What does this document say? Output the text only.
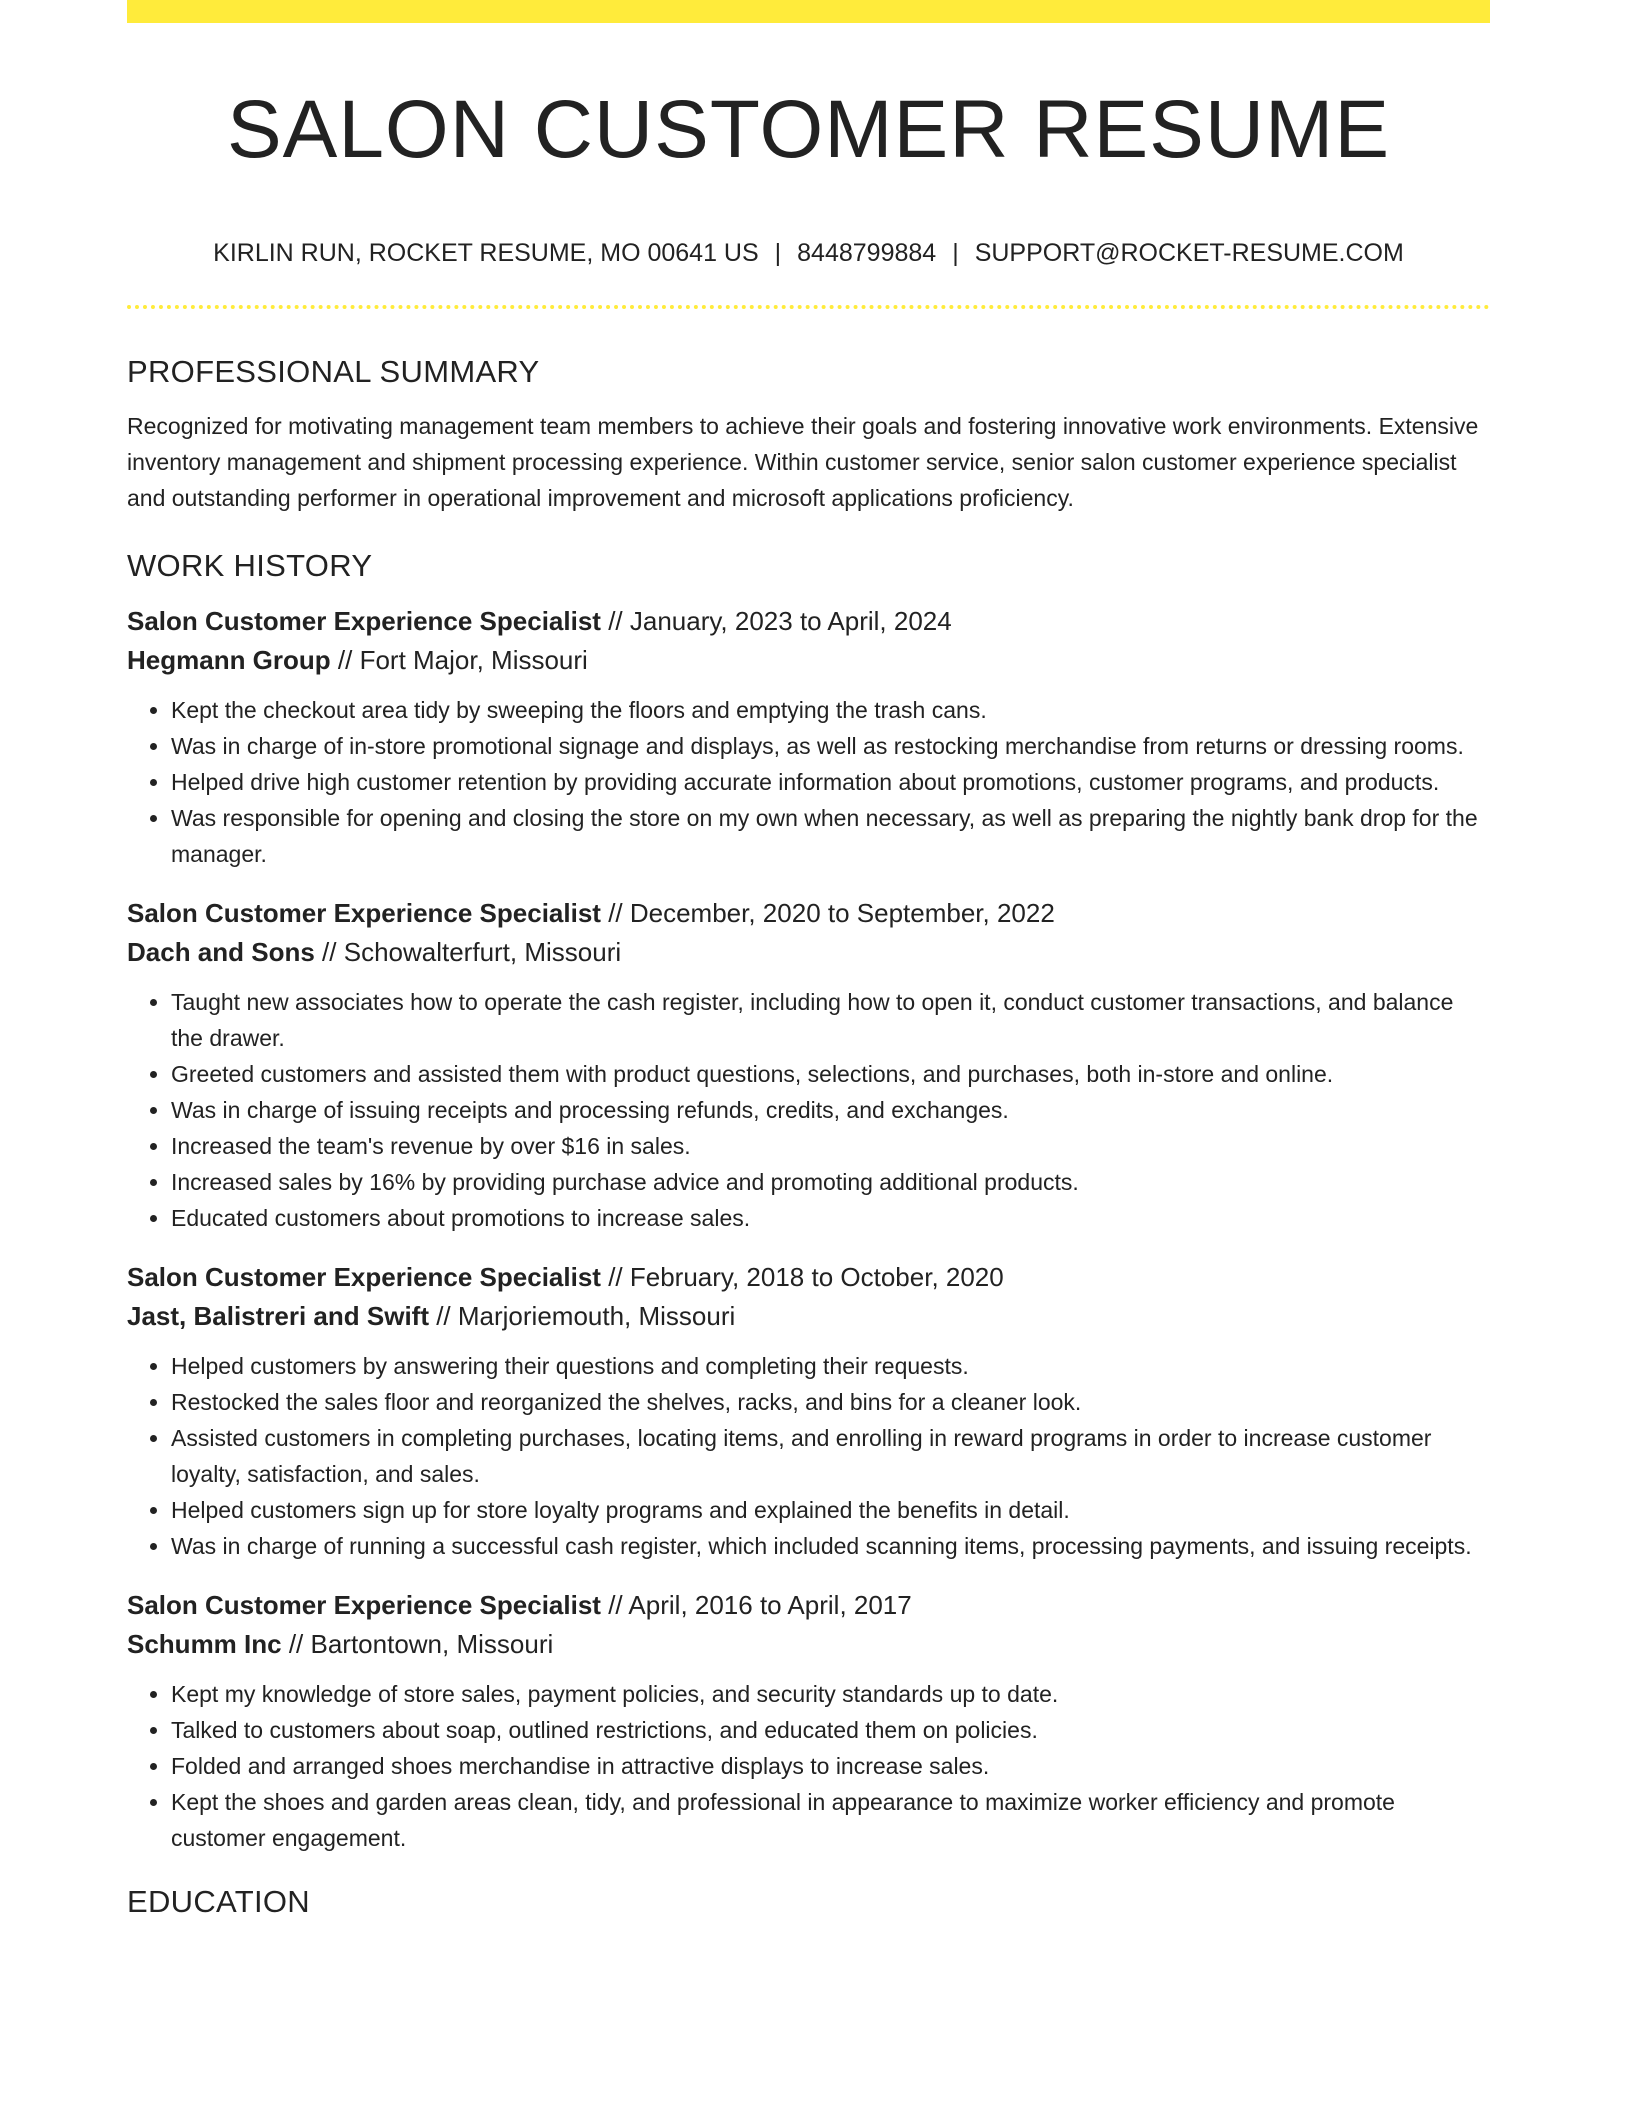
SALON CUSTOMER RESUME
KIRLIN RUN, ROCKET RESUME, MO 00641 US | 8448799884 | SUPPORT@ROCKET-RESUME.COM
PROFESSIONAL SUMMARY
Recognized for motivating management team members to achieve their goals and fostering innovative work environments. Extensive inventory management and shipment processing experience. Within customer service, senior salon customer experience specialist and outstanding performer in operational improvement and microsoft applications proficiency.
WORK HISTORY
Salon Customer Experience Specialist // January, 2023 to April, 2024
Hegmann Group // Fort Major, Missouri
• Kept the checkout area tidy by sweeping the floors and emptying the trash cans.
• Was in charge of in-store promotional signage and displays, as well as restocking merchandise from returns or dressing rooms.
• Helped drive high customer retention by providing accurate information about promotions, customer programs, and products.
• Was responsible for opening and closing the store on my own when necessary, as well as preparing the nightly bank drop for the manager.
Salon Customer Experience Specialist // December, 2020 to September, 2022
Dach and Sons // Schowalterfurt, Missouri
• Taught new associates how to operate the cash register, including how to open it, conduct customer transactions, and balance the drawer.
• Greeted customers and assisted them with product questions, selections, and purchases, both in-store and online.
• Was in charge of issuing receipts and processing refunds, credits, and exchanges.
• Increased the team's revenue by over $16 in sales.
• Increased sales by 16% by providing purchase advice and promoting additional products.
• Educated customers about promotions to increase sales.
Salon Customer Experience Specialist // February, 2018 to October, 2020
Jast, Balistreri and Swift // Marjoriemouth, Missouri
• Helped customers by answering their questions and completing their requests.
• Restocked the sales floor and reorganized the shelves, racks, and bins for a cleaner look.
• Assisted customers in completing purchases, locating items, and enrolling in reward programs in order to increase customer loyalty, satisfaction, and sales.
• Helped customers sign up for store loyalty programs and explained the benefits in detail.
• Was in charge of running a successful cash register, which included scanning items, processing payments, and issuing receipts.
Salon Customer Experience Specialist // April, 2016 to April, 2017
Schumm Inc // Bartontown, Missouri
• Kept my knowledge of store sales, payment policies, and security standards up to date.
• Talked to customers about soap, outlined restrictions, and educated them on policies.
• Folded and arranged shoes merchandise in attractive displays to increase sales.
• Kept the shoes and garden areas clean, tidy, and professional in appearance to maximize worker efficiency and promote customer engagement.
EDUCATION
